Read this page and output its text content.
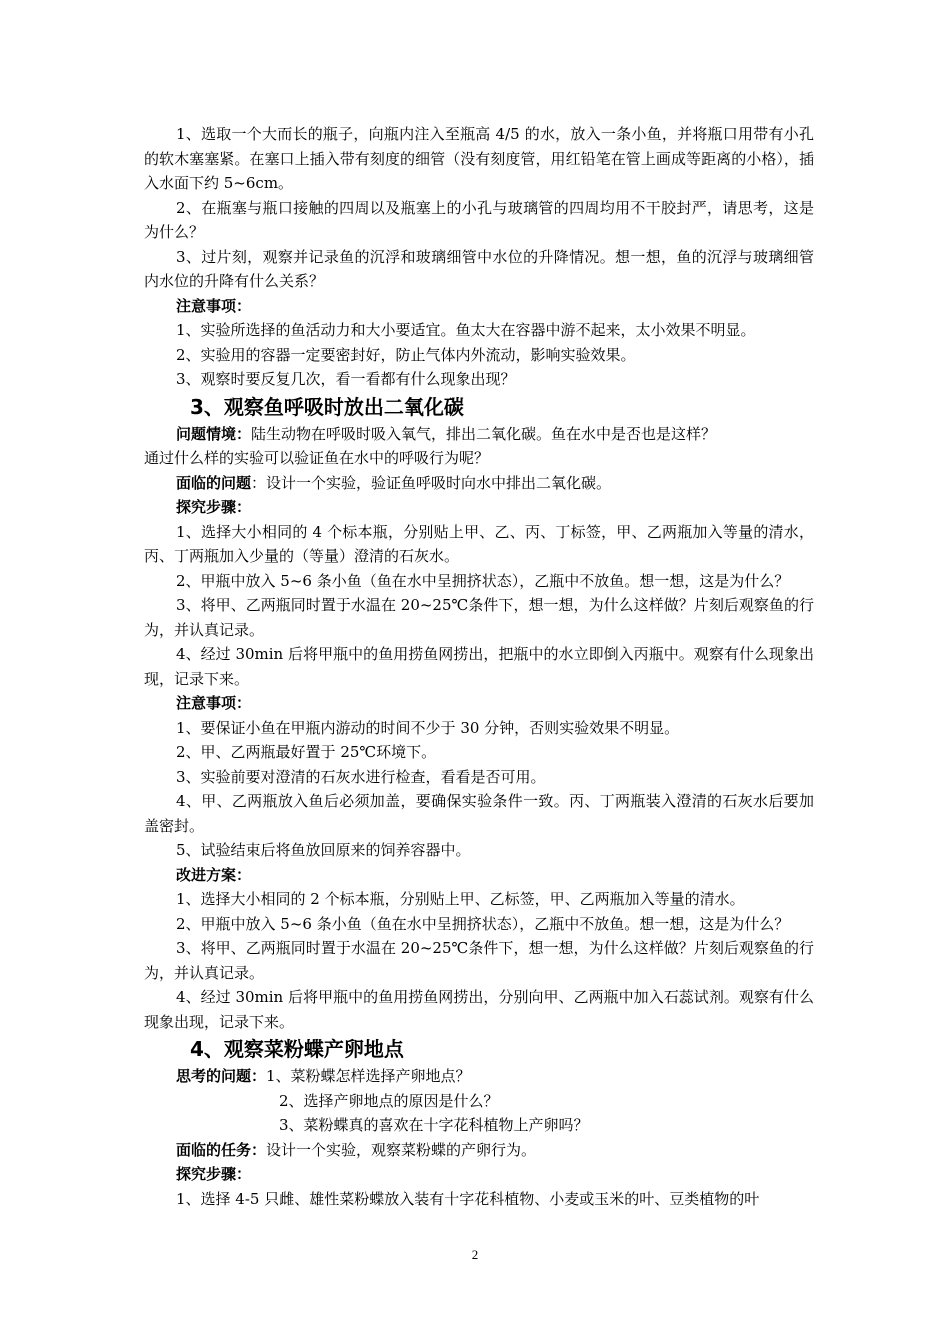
1、选取一个大而长的瓶子，向瓶内注入至瓶高 4/5 的水，放入一条小鱼，并将瓶口用带有小孔的软木塞塞紧。在塞口上插入带有刻度的细管（没有刻度管，用红铅笔在管上画成等距离的小格），插入水面下约 5~6cm。

2、在瓶塞与瓶口接触的四周以及瓶塞上的小孔与玻璃管的四周均用不干胶封严，请思考，这是为什么？

3、过片刻，观察并记录鱼的沉浮和玻璃细管中水位的升降情况。想一想，鱼的沉浮与玻璃细管内水位的升降有什么关系？

注意事项：

1、实验所选择的鱼活动力和大小要适宜。鱼太大在容器中游不起来，太小效果不明显。

2、实验用的容器一定要密封好，防止气体内外流动，影响实验效果。

3、观察时要反复几次，看一看都有什么现象出现？

3、观察鱼呼吸时放出二氧化碳

问题情境：陆生动物在呼吸时吸入氧气，排出二氧化碳。鱼在水中是否也是这样？

通过什么样的实验可以验证鱼在水中的呼吸行为呢？

面临的问题：设计一个实验，验证鱼呼吸时向水中排出二氧化碳。

探究步骤：

1、选择大小相同的 4 个标本瓶，分别贴上甲、乙、丙、丁标签，甲、乙两瓶加入等量的清水，丙、丁两瓶加入少量的（等量）澄清的石灰水。

2、甲瓶中放入 5~6 条小鱼（鱼在水中呈拥挤状态），乙瓶中不放鱼。想一想，这是为什么？

3、将甲、乙两瓶同时置于水温在 20~25℃条件下，想一想，为什么这样做？片刻后观察鱼的行为，并认真记录。

4、经过 30min 后将甲瓶中的鱼用捞鱼网捞出，把瓶中的水立即倒入丙瓶中。观察有什么现象出现，记录下来。

注意事项：

1、要保证小鱼在甲瓶内游动的时间不少于 30 分钟，否则实验效果不明显。

2、甲、乙两瓶最好置于 25℃环境下。

3、实验前要对澄清的石灰水进行检查，看看是否可用。

4、甲、乙两瓶放入鱼后必须加盖，要确保实验条件一致。丙、丁两瓶装入澄清的石灰水后要加盖密封。

5、试验结束后将鱼放回原来的饲养容器中。

改进方案：

1、选择大小相同的 2 个标本瓶，分别贴上甲、乙标签，甲、乙两瓶加入等量的清水。

2、甲瓶中放入 5~6 条小鱼（鱼在水中呈拥挤状态），乙瓶中不放鱼。想一想，这是为什么？

3、将甲、乙两瓶同时置于水温在 20~25℃条件下，想一想，为什么这样做？片刻后观察鱼的行为，并认真记录。

4、经过 30min 后将甲瓶中的鱼用捞鱼网捞出，分别向甲、乙两瓶中加入石蕊试剂。观察有什么现象出现，记录下来。

4、观察菜粉蝶产卵地点

思考的问题：1、菜粉蝶怎样选择产卵地点？

2、选择产卵地点的原因是什么？

3、菜粉蝶真的喜欢在十字花科植物上产卵吗？

面临的任务：设计一个实验，观察菜粉蝶的产卵行为。

探究步骤：

1、选择 4-5 只雌、雄性菜粉蝶放入装有十字花科植物、小麦或玉米的叶、豆类植物的叶

2
